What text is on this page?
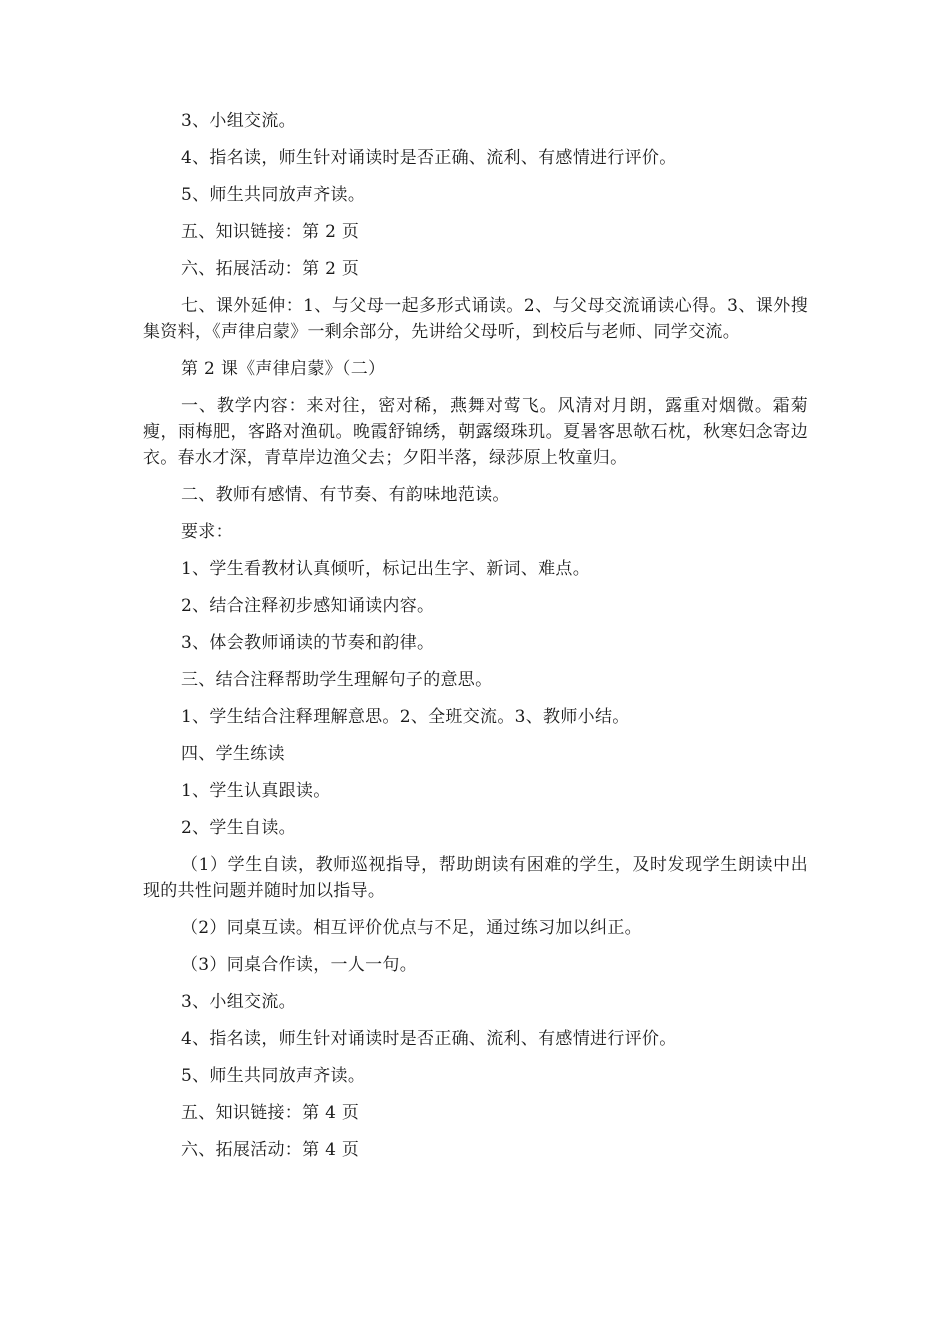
3、小组交流。

4、指名读，师生针对诵读时是否正确、流利、有感情进行评价。

5、师生共同放声齐读。

五、知识链接：第 2 页

六、拓展活动：第 2 页

七、课外延伸：1、与父母一起多形式诵读。2、与父母交流诵读心得。3、课外搜集资料，《声律启蒙》一剩余部分，先讲给父母听，到校后与老师、同学交流。

第 2 课《声律启蒙》（二）

一、教学内容：来对往，密对稀，燕舞对莺飞。风清对月朗，露重对烟微。霜菊瘦，雨梅肥，客路对渔矶。晚霞舒锦绣，朝露缀珠玑。夏暑客思欹石枕，秋寒妇念寄边衣。春水才深，青草岸边渔父去；夕阳半落，绿莎原上牧童归。

二、教师有感情、有节奏、有韵味地范读。

要求：

1、学生看教材认真倾听，标记出生字、新词、难点。

2、结合注释初步感知诵读内容。

3、体会教师诵读的节奏和韵律。

三、结合注释帮助学生理解句子的意思。

1、学生结合注释理解意思。2、全班交流。3、教师小结。

四、学生练读

1、学生认真跟读。

2、学生自读。

（1）学生自读，教师巡视指导，帮助朗读有困难的学生，及时发现学生朗读中出现的共性问题并随时加以指导。

（2）同桌互读。相互评价优点与不足，通过练习加以纠正。

（3）同桌合作读，一人一句。

3、小组交流。

4、指名读，师生针对诵读时是否正确、流利、有感情进行评价。

5、师生共同放声齐读。

五、知识链接：第 4 页

六、拓展活动：第 4 页
